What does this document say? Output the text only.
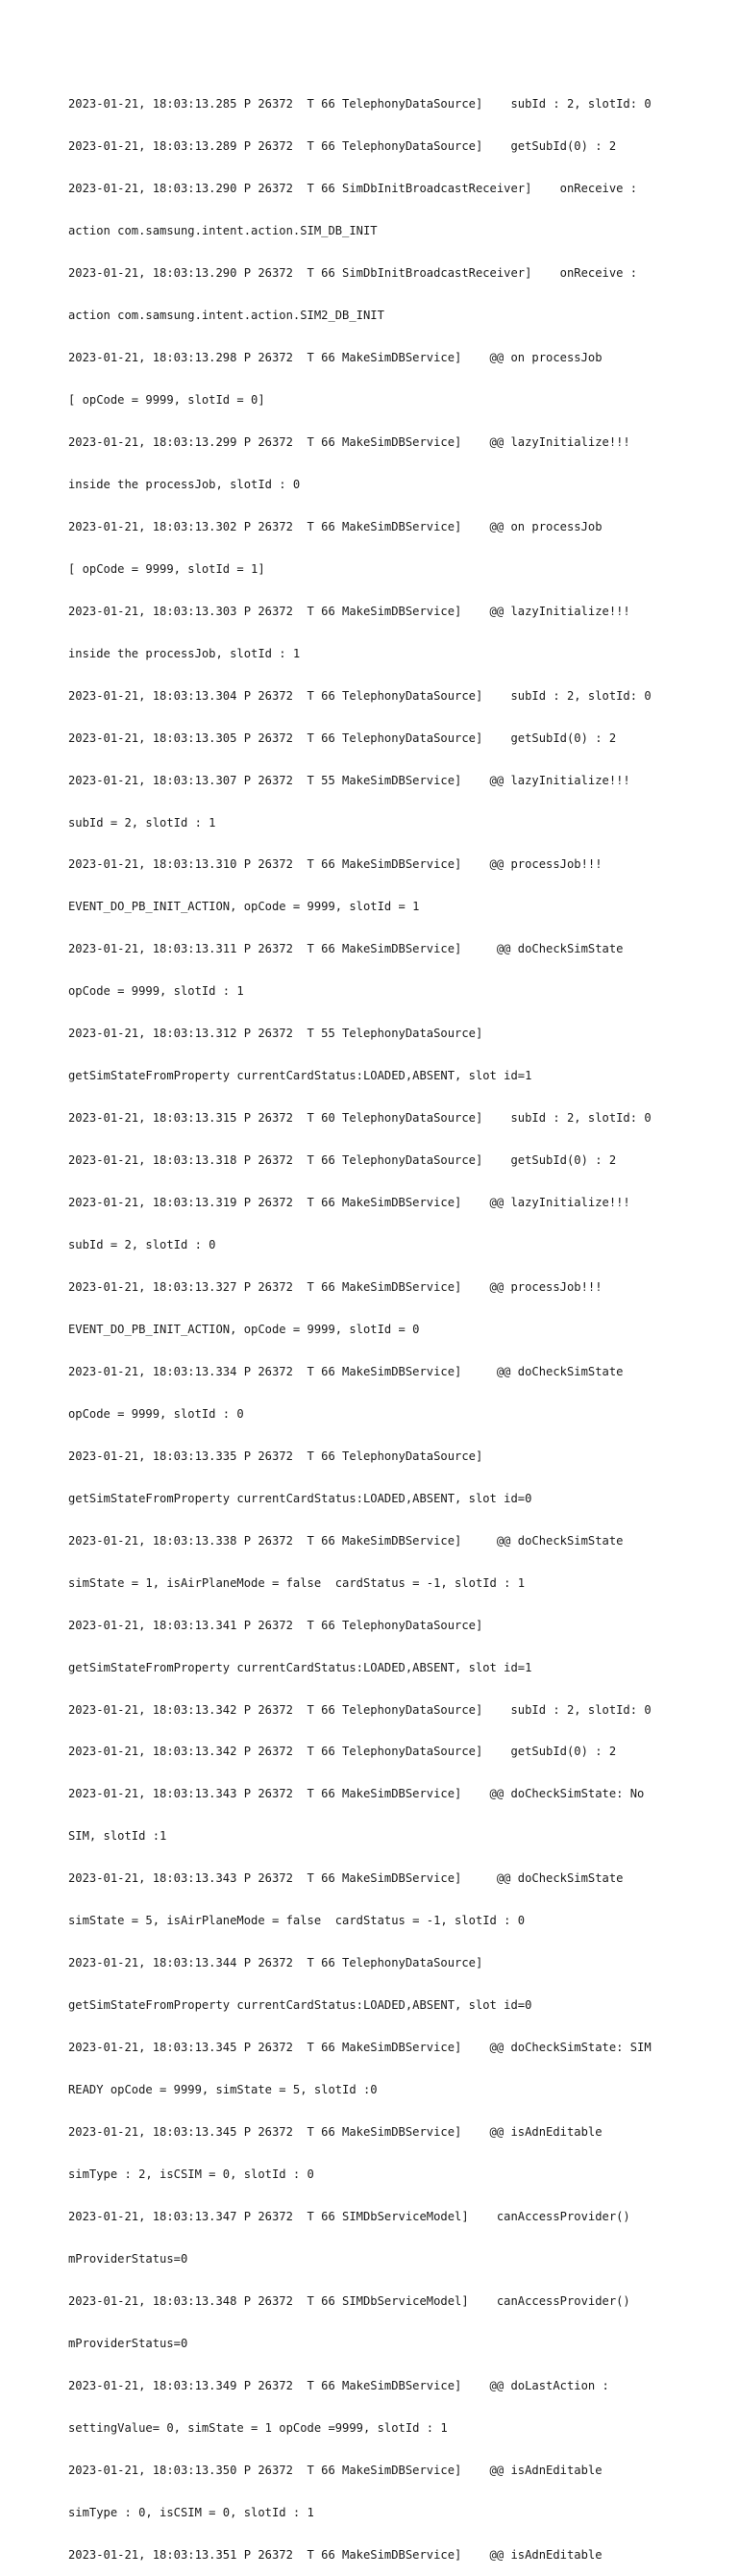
2023-01-21, 18:03:13.285 P 26372  T 66 TelephonyDataSource]    subId : 2, slotId: 0

2023-01-21, 18:03:13.289 P 26372  T 66 TelephonyDataSource]    getSubId(0) : 2

2023-01-21, 18:03:13.290 P 26372  T 66 SimDbInitBroadcastReceiver]    onReceive :

action com.samsung.intent.action.SIM_DB_INIT

2023-01-21, 18:03:13.290 P 26372  T 66 SimDbInitBroadcastReceiver]    onReceive :

action com.samsung.intent.action.SIM2_DB_INIT

2023-01-21, 18:03:13.298 P 26372  T 66 MakeSimDBService]    @@ on processJob

[ opCode = 9999, slotId = 0]

2023-01-21, 18:03:13.299 P 26372  T 66 MakeSimDBService]    @@ lazyInitialize!!!

inside the processJob, slotId : 0

2023-01-21, 18:03:13.302 P 26372  T 66 MakeSimDBService]    @@ on processJob

[ opCode = 9999, slotId = 1]

2023-01-21, 18:03:13.303 P 26372  T 66 MakeSimDBService]    @@ lazyInitialize!!!

inside the processJob, slotId : 1

2023-01-21, 18:03:13.304 P 26372  T 66 TelephonyDataSource]    subId : 2, slotId: 0

2023-01-21, 18:03:13.305 P 26372  T 66 TelephonyDataSource]    getSubId(0) : 2

2023-01-21, 18:03:13.307 P 26372  T 55 MakeSimDBService]    @@ lazyInitialize!!!

subId = 2, slotId : 1

2023-01-21, 18:03:13.310 P 26372  T 66 MakeSimDBService]    @@ processJob!!!

EVENT_DO_PB_INIT_ACTION, opCode = 9999, slotId = 1

2023-01-21, 18:03:13.311 P 26372  T 66 MakeSimDBService]     @@ doCheckSimState

opCode = 9999, slotId : 1

2023-01-21, 18:03:13.312 P 26372  T 55 TelephonyDataSource]

getSimStateFromProperty currentCardStatus:LOADED,ABSENT, slot id=1

2023-01-21, 18:03:13.315 P 26372  T 60 TelephonyDataSource]    subId : 2, slotId: 0

2023-01-21, 18:03:13.318 P 26372  T 66 TelephonyDataSource]    getSubId(0) : 2

2023-01-21, 18:03:13.319 P 26372  T 66 MakeSimDBService]    @@ lazyInitialize!!!

subId = 2, slotId : 0

2023-01-21, 18:03:13.327 P 26372  T 66 MakeSimDBService]    @@ processJob!!!

EVENT_DO_PB_INIT_ACTION, opCode = 9999, slotId = 0

2023-01-21, 18:03:13.334 P 26372  T 66 MakeSimDBService]     @@ doCheckSimState

opCode = 9999, slotId : 0

2023-01-21, 18:03:13.335 P 26372  T 66 TelephonyDataSource]

getSimStateFromProperty currentCardStatus:LOADED,ABSENT, slot id=0

2023-01-21, 18:03:13.338 P 26372  T 66 MakeSimDBService]     @@ doCheckSimState

simState = 1, isAirPlaneMode = false  cardStatus = -1, slotId : 1

2023-01-21, 18:03:13.341 P 26372  T 66 TelephonyDataSource]

getSimStateFromProperty currentCardStatus:LOADED,ABSENT, slot id=1

2023-01-21, 18:03:13.342 P 26372  T 66 TelephonyDataSource]    subId : 2, slotId: 0

2023-01-21, 18:03:13.342 P 26372  T 66 TelephonyDataSource]    getSubId(0) : 2

2023-01-21, 18:03:13.343 P 26372  T 66 MakeSimDBService]    @@ doCheckSimState: No

SIM, slotId :1

2023-01-21, 18:03:13.343 P 26372  T 66 MakeSimDBService]     @@ doCheckSimState

simState = 5, isAirPlaneMode = false  cardStatus = -1, slotId : 0

2023-01-21, 18:03:13.344 P 26372  T 66 TelephonyDataSource]

getSimStateFromProperty currentCardStatus:LOADED,ABSENT, slot id=0

2023-01-21, 18:03:13.345 P 26372  T 66 MakeSimDBService]    @@ doCheckSimState: SIM

READY opCode = 9999, simState = 5, slotId :0

2023-01-21, 18:03:13.345 P 26372  T 66 MakeSimDBService]    @@ isAdnEditable

simType : 2, isCSIM = 0, slotId : 0

2023-01-21, 18:03:13.347 P 26372  T 66 SIMDbServiceModel]    canAccessProvider()

mProviderStatus=0

2023-01-21, 18:03:13.348 P 26372  T 66 SIMDbServiceModel]    canAccessProvider()

mProviderStatus=0

2023-01-21, 18:03:13.349 P 26372  T 66 MakeSimDBService]    @@ doLastAction :

settingValue= 0, simState = 1 opCode =9999, slotId : 1

2023-01-21, 18:03:13.350 P 26372  T 66 MakeSimDBService]    @@ isAdnEditable

simType : 0, isCSIM = 0, slotId : 1

2023-01-21, 18:03:13.351 P 26372  T 66 MakeSimDBService]    @@ isAdnEditable
